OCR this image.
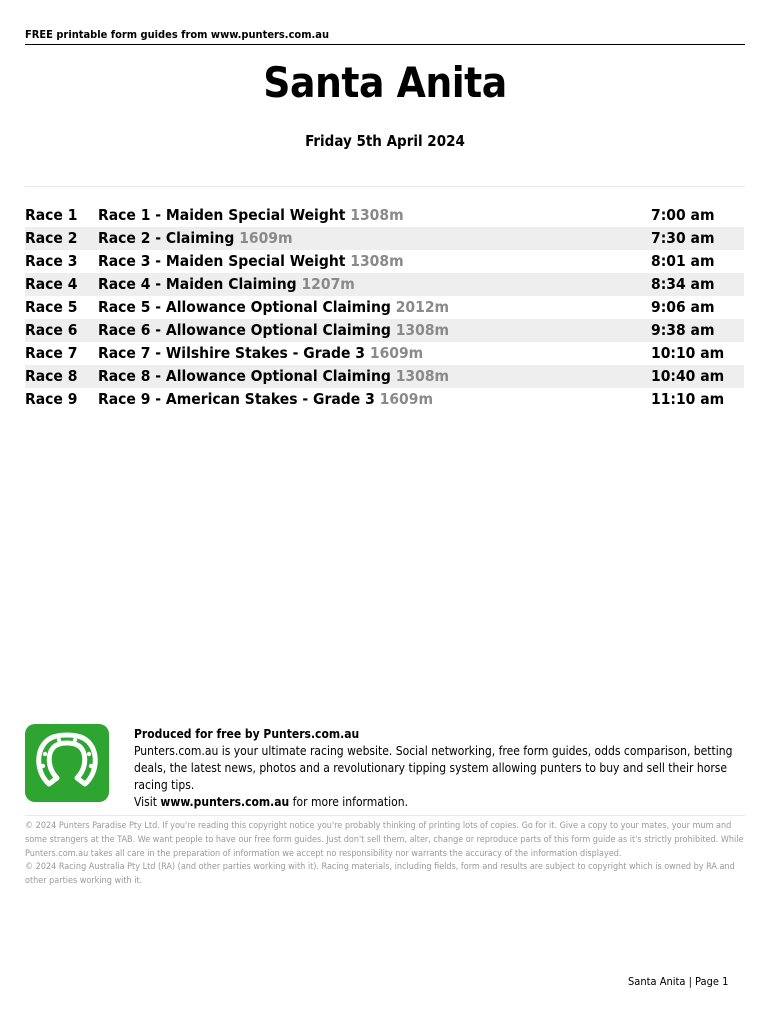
FREE printable form guides from www.punters.com.au
Santa Anita
Friday 5th April 2024
Race 1 Race 1 - Maiden Special Weight 1308m	7:00 am
Race 2 Race 2 - Claiming 1609m	7:30 am
Race 3 Race 3 - Maiden Special Weight 1308m	8:01 am
Race 4 Race 4 - Maiden Claiming 1207m	8:34 am
Race 5 Race 5 - Allowance Optional Claiming 2012m	9:06 am
Race 6 Race 6 - Allowance Optional Claiming 1308m	9:38 am
Race 7 Race 7 - Wilshire Stakes - Grade 3 1609m	10:10 am
Race 8 Race 8 - Allowance Optional Claiming 1308m	10:40 am
Race 9 Race 9 - American Stakes - Grade 3 1609m	11:10 am
Produced for free by Punters.com.au
Punters.com.au is your ultimate racing website. Social networking, free form guides, odds comparison, betting deals, the latest news, photos and a revolutionary tipping system allowing punters to buy and sell their horse racing tips.
Visit www.punters.com.au for more information.
© 2024 Punters Paradise Pty Ltd. If you're reading this copyright notice you're probably thinking of printing lots of copies. Go for it. Give a copy to your mates, your mum and some strangers at the TAB. We want people to have our free form guides. Just don't sell them, alter, change or reproduce parts of this form guide as it's strictly prohibited. While Punters.com.au takes all care in the preparation of information we accept no responsibility nor warrants the accuracy of the information displayed.
© 2024 Racing Australia Pty Ltd (RA) (and other parties working with it). Racing materials, including fields, form and results are subject to copyright which is owned by RA and other parties working with it.
Santa Anita | Page 1
